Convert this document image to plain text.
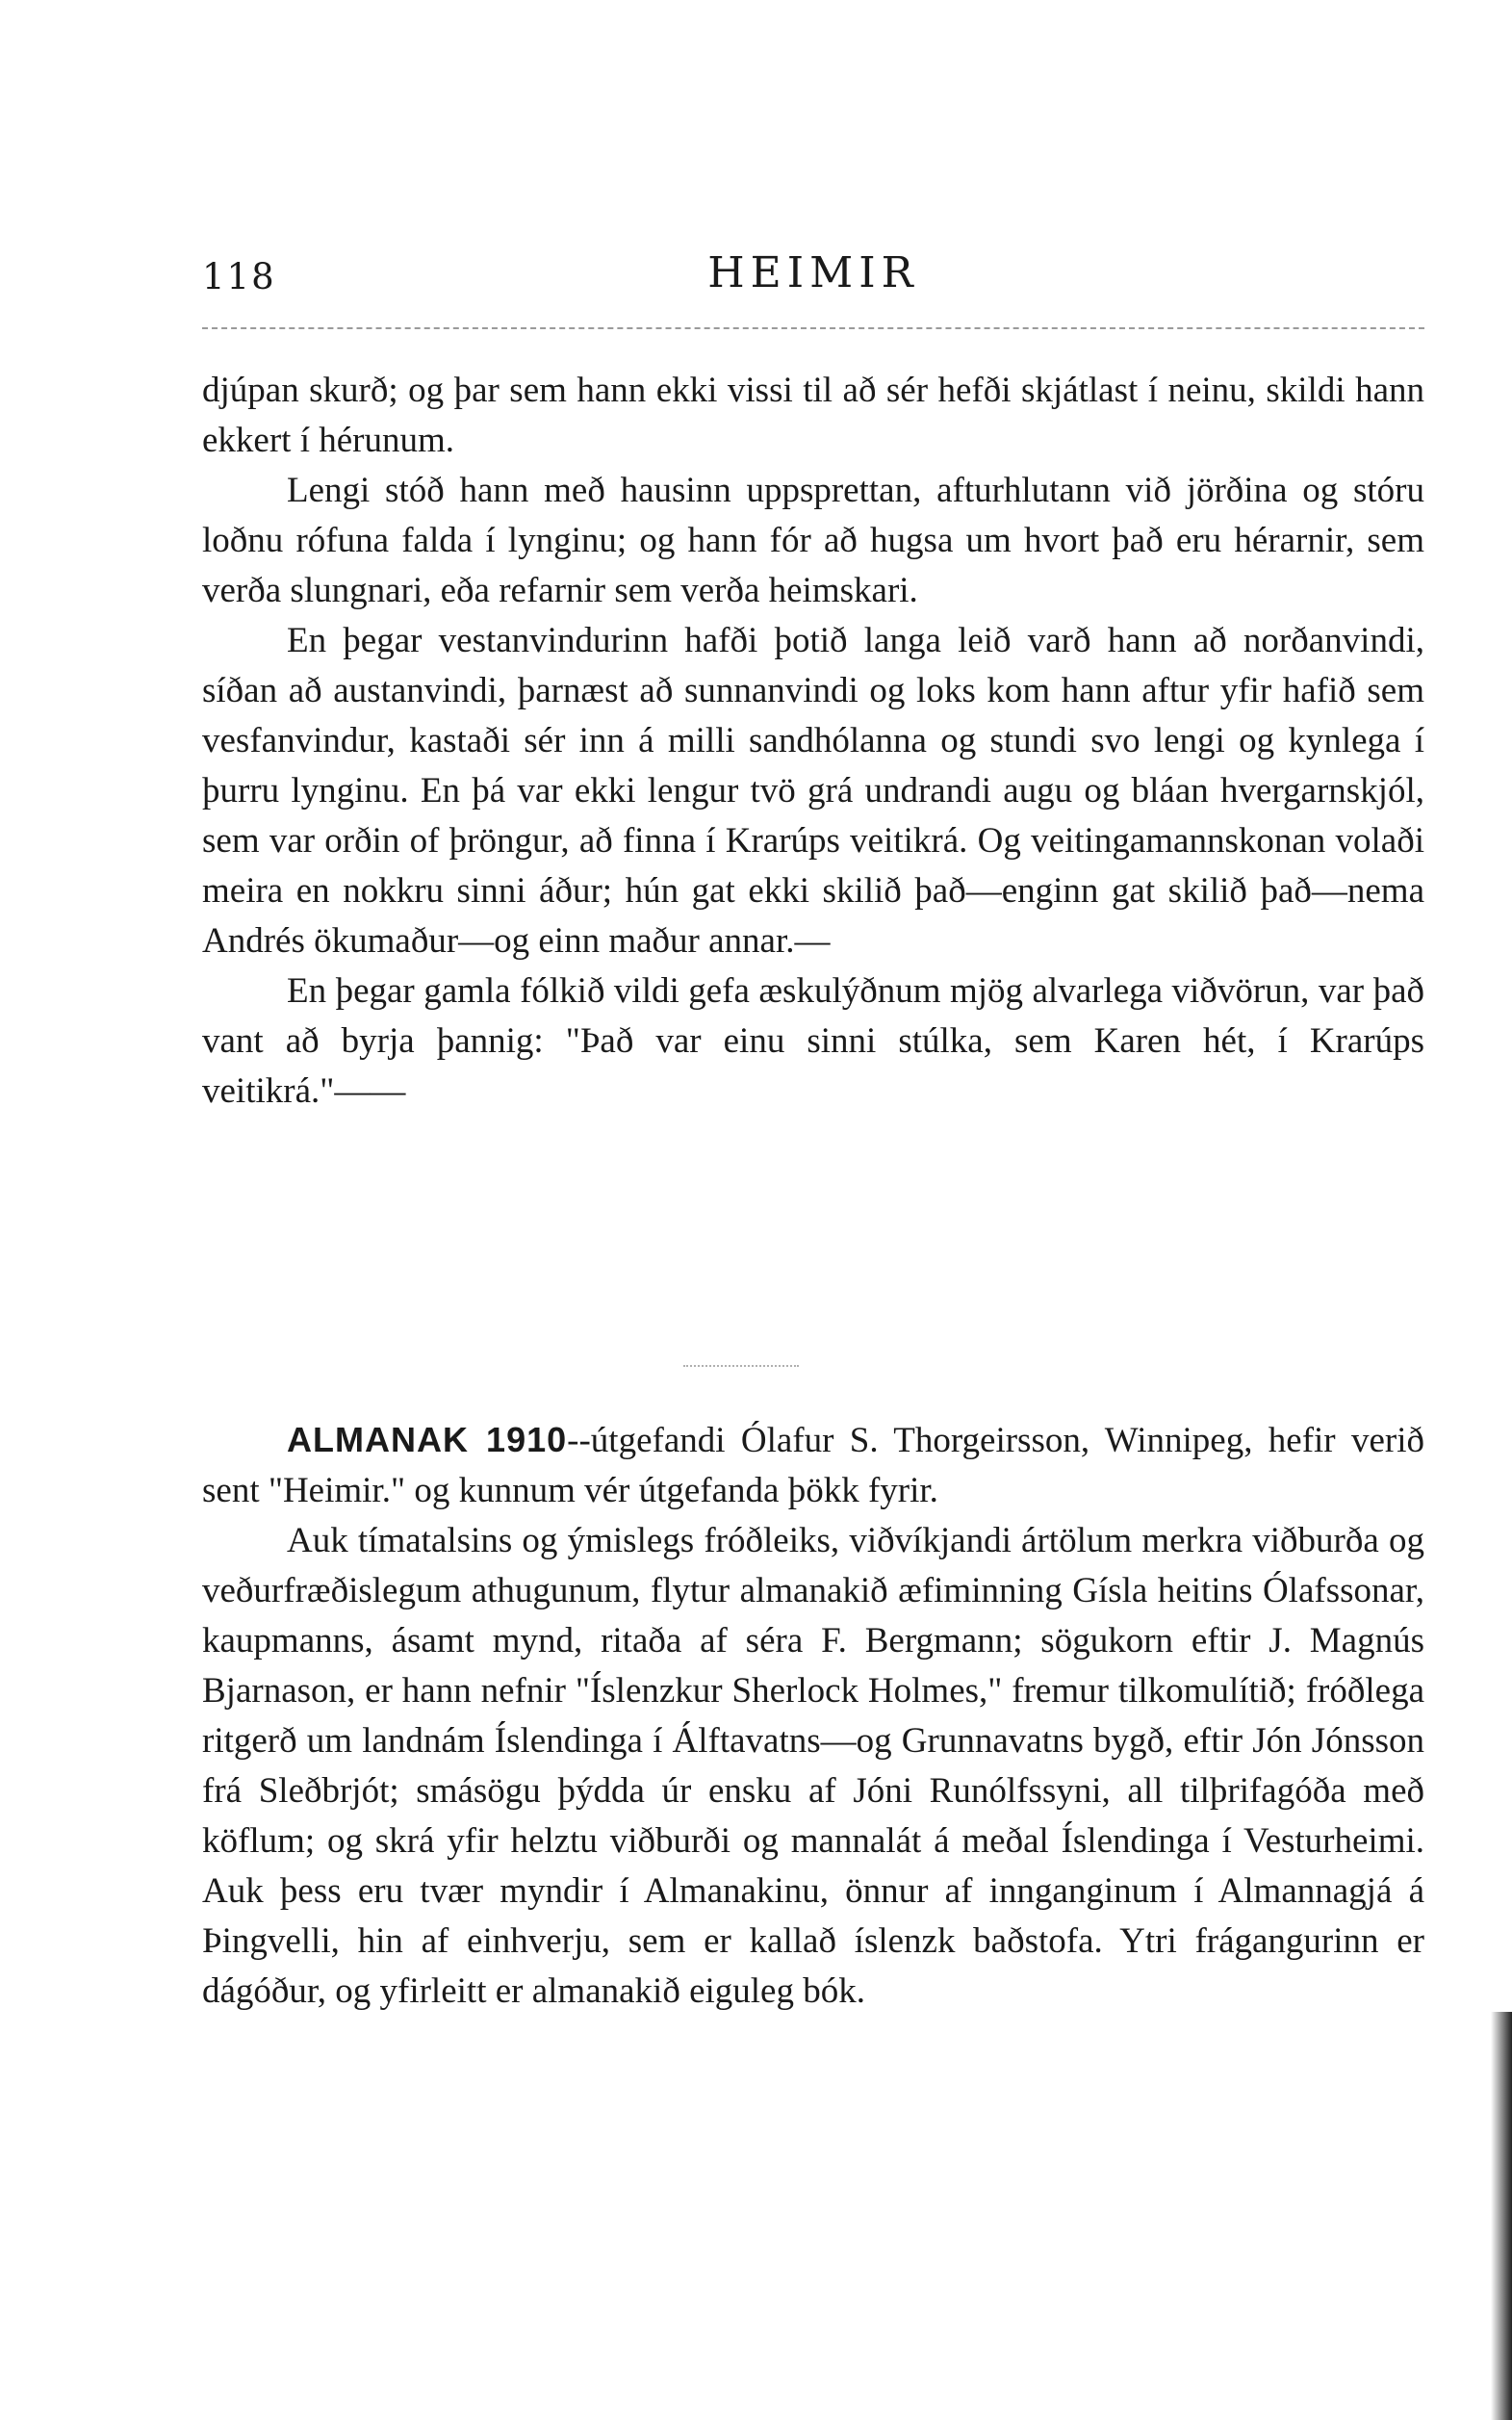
118	HEIMIR

djúpan skurð; og þar sem hann ekki vissi til að sér hefði skjátlast í neinu, skildi hann ekkert í hérunum.

Lengi stóð hann með hausinn uppsprettan, afturhlutann við jörðina og stóru loðnu rófuna falda í lynginu; og hann fór að hugsa um hvort það eru hérarnir, sem verða slungnari, eða refarnir sem verða heimskari.

En þegar vestanvindurinn hafði þotið langa leið varð hann að norðanvindi, síðan að austanvindi, þarnæst að sunnanvindi og loks kom hann aftur yfir hafið sem vesfanvindur, kastaði sér inn á milli sandhólanna og stundi svo lengi og kynlega í þurru lynginu. En þá var ekki lengur tvö grá undrandi augu og bláan hvergarnskjól, sem var orðin of þröngur, að finna í Krarúps veitikrá. Og veitingamannskonan volaði meira en nokkru sinni áður; hún gat ekki skilið það—enginn gat skilið það—nema Andrés ökumaður—og einn maður annar.—

En þegar gamla fólkið vildi gefa æskulýðnum mjög alvarlega viðvörun, var það vant að byrja þannig: "Það var einu sinni stúlka, sem Karen hét, í Krarúps veitikrá."——

ALMANAK 1910--útgefandi Ólafur S. Thorgeirsson, Winnipeg, hefir verið sent "Heimir." og kunnum vér útgefanda þökk fyrir.

Auk tímatalsins og ýmislegs fróðleiks, viðvíkjandi ártölum merkra viðburða og veðurfræðislegum athugunum, flytur almanakið æfiminning Gísla heitins Ólafssonar, kaupmanns, ásamt mynd, ritaða af séra F. Bergmann; sögukorn eftir J. Magnús Bjarnason, er hann nefnir "Íslenzkur Sherlock Holmes," fremur tilkomulítið; fróðlega ritgerð um landnám Íslendinga í Álftavatns—og Grunnavatns bygð, eftir Jón Jónsson frá Sleðbrjót; smásögu þýdda úr ensku af Jóni Runólfssyni, all tilþrifagóða með köflum; og skrá yfir helztu viðburði og mannalát á meðal Íslendinga í Vesturheimi. Auk þess eru tvær myndir í Almanakinu, önnur af innganginum í Almannagjá á Þingvelli, hin af einhverju, sem er kallað íslenzk baðstofa. Ytri frágangurinn er dágóður, og yfirleitt er almanakið eiguleg bók.
